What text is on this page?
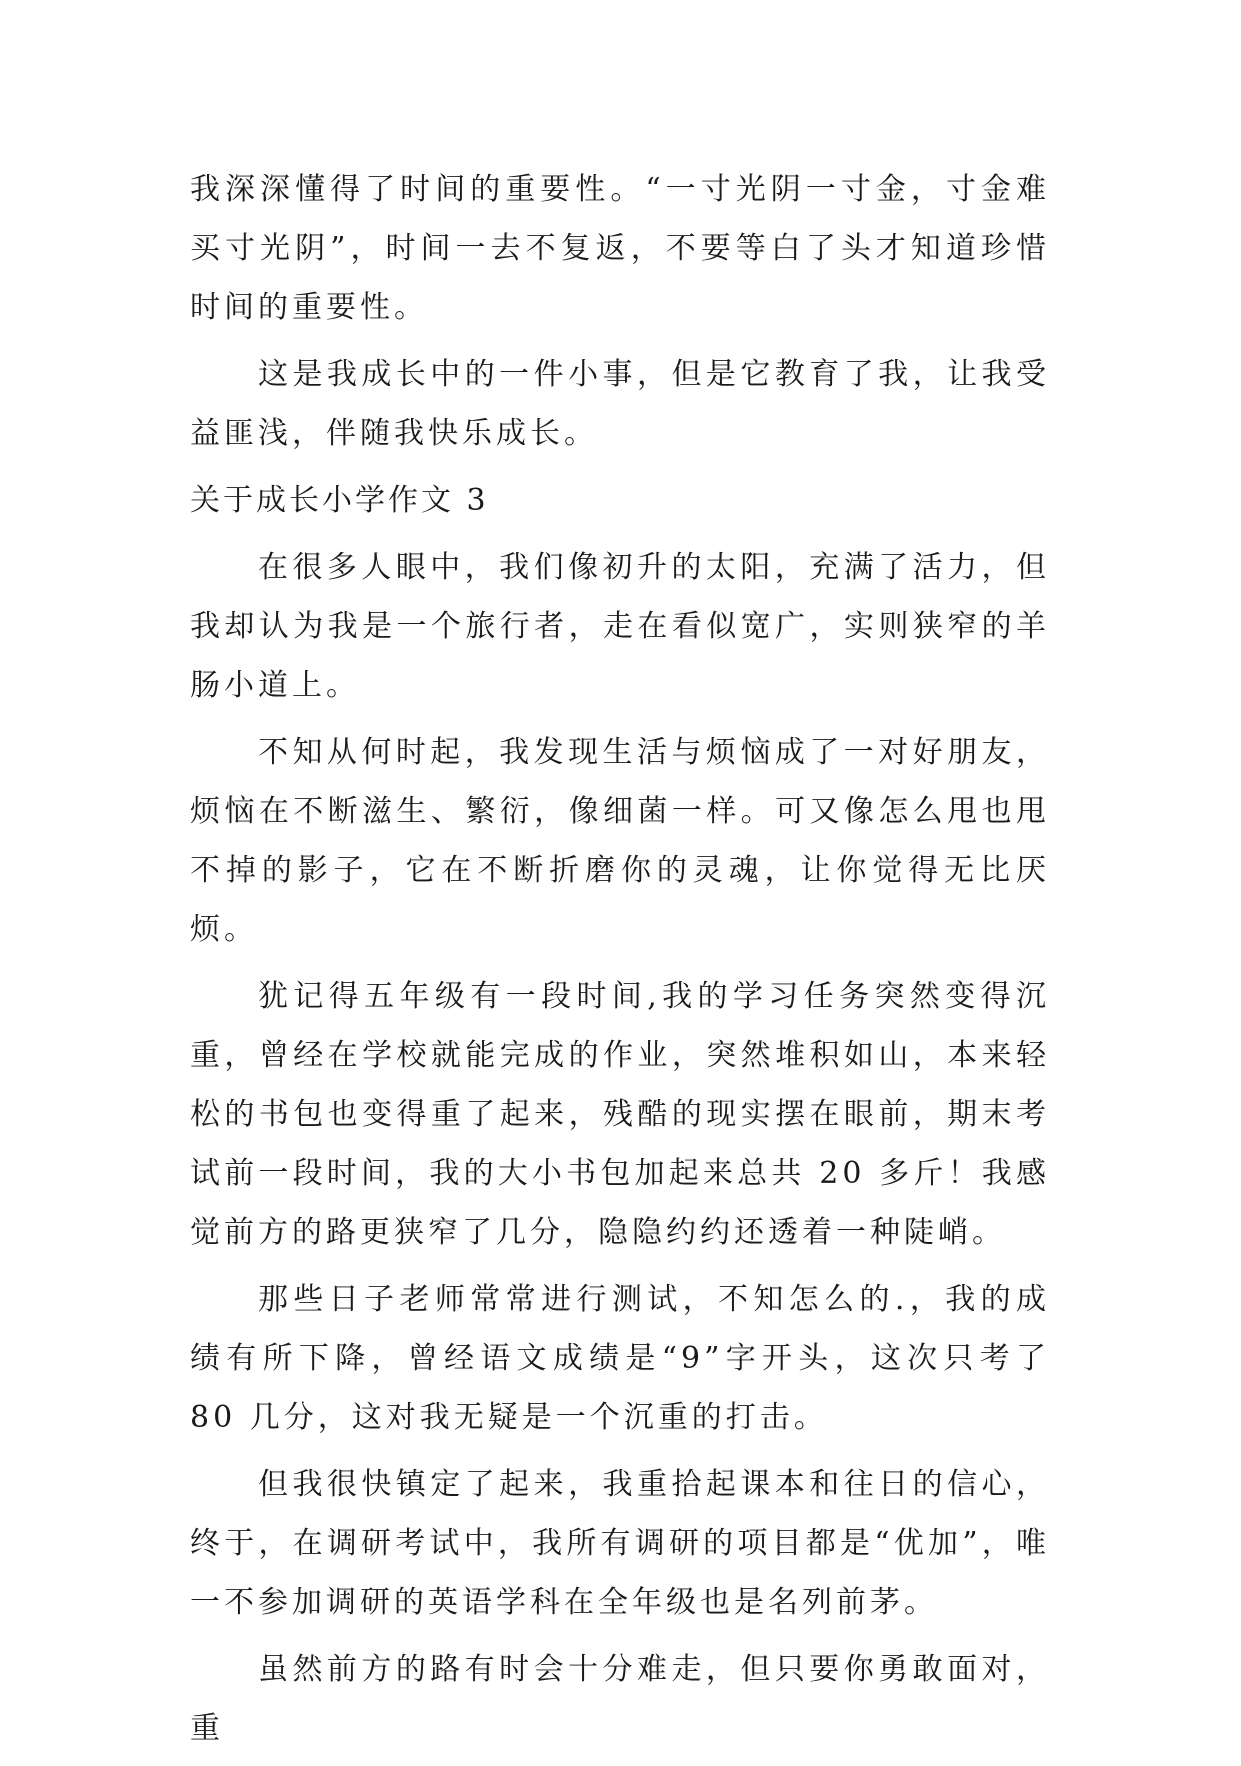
我深深懂得了时间的重要性。“一寸光阴一寸金，寸金难买寸光阴”，时间一去不复返，不要等白了头才知道珍惜时间的重要性。

这是我成长中的一件小事，但是它教育了我，让我受益匪浅，伴随我快乐成长。

关于成长小学作文 3

在很多人眼中，我们像初升的太阳，充满了活力，但我却认为我是一个旅行者，走在看似宽广，实则狭窄的羊肠小道上。

不知从何时起，我发现生活与烦恼成了一对好朋友，烦恼在不断滋生、繁衍，像细菌一样。可又像怎么甩也甩不掉的影子，它在不断折磨你的灵魂，让你觉得无比厌烦。

犹记得五年级有一段时间,我的学习任务突然变得沉重，曾经在学校就能完成的作业，突然堆积如山，本来轻松的书包也变得重了起来，残酷的现实摆在眼前，期末考试前一段时间，我的大小书包加起来总共 20 多斤！我感觉前方的路更狭窄了几分，隐隐约约还透着一种陡峭。

那些日子老师常常进行测试，不知怎么的.，我的成绩有所下降，曾经语文成绩是“9”字开头，这次只考了 80 几分，这对我无疑是一个沉重的打击。

但我很快镇定了起来，我重拾起课本和往日的信心，终于，在调研考试中，我所有调研的项目都是“优加”，唯一不参加调研的英语学科在全年级也是名列前茅。

虽然前方的路有时会十分难走，但只要你勇敢面对，重
